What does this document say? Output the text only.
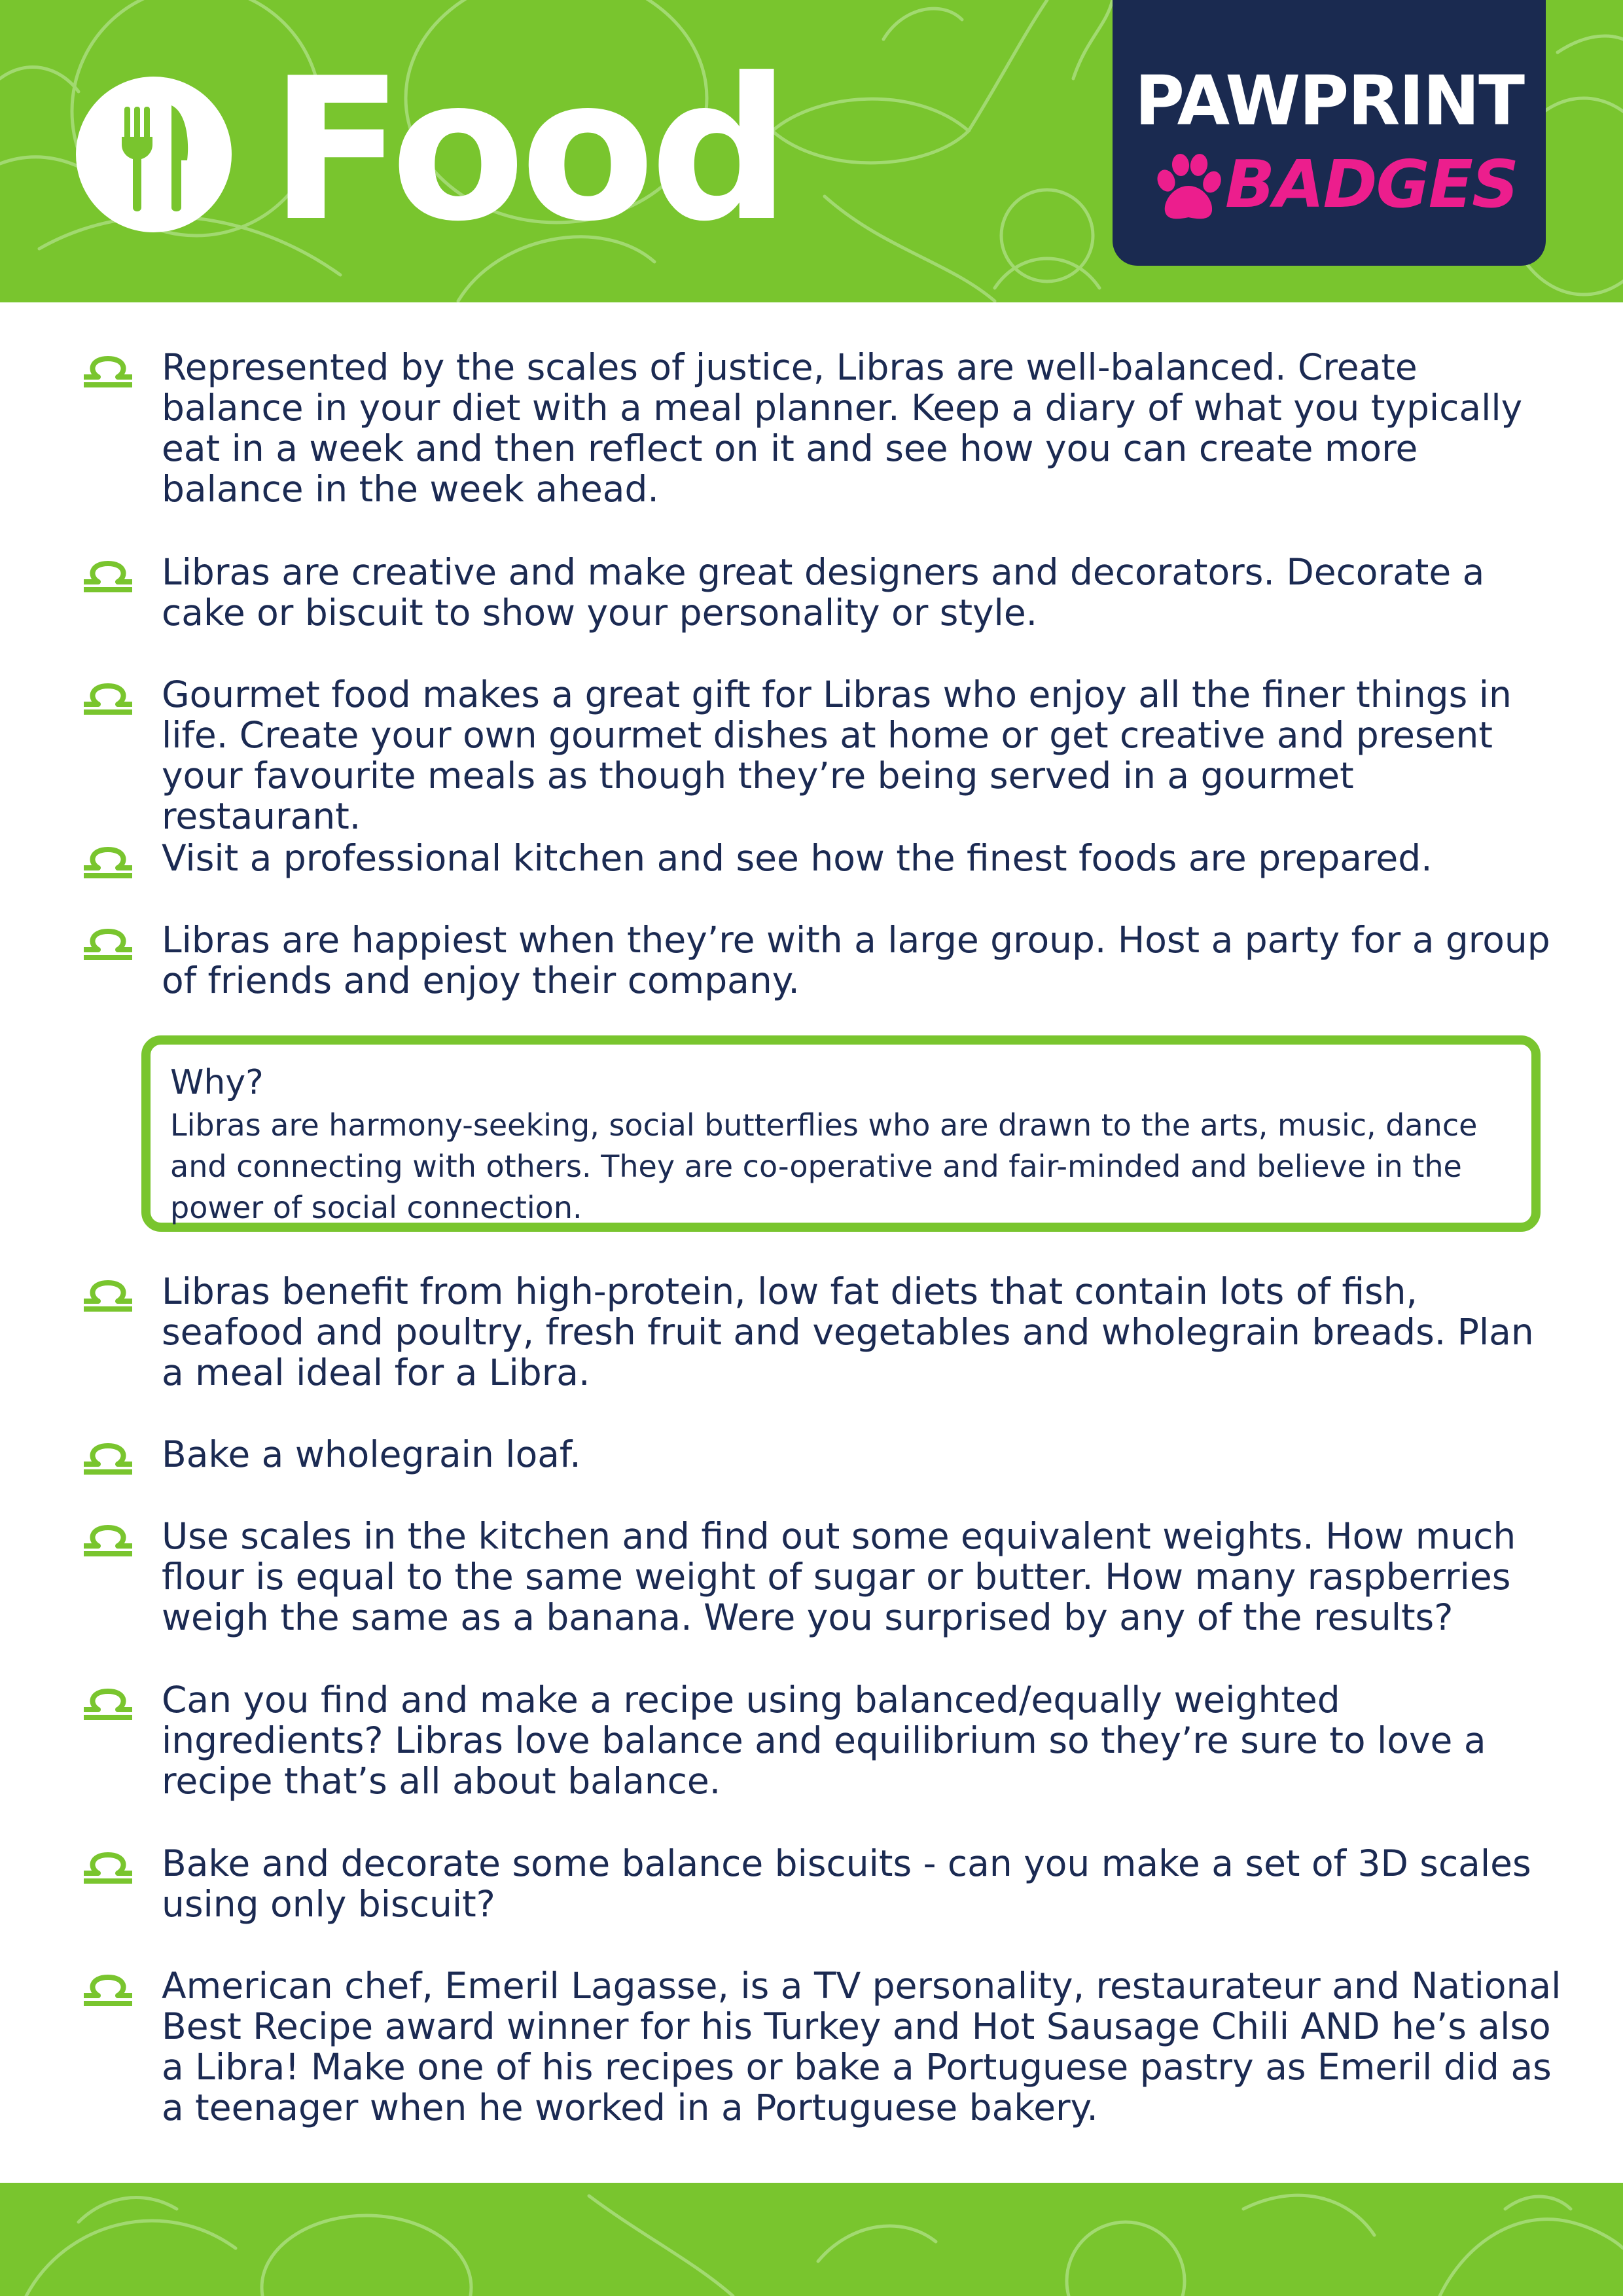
Food	PAWPRINT
BADGES
Represented by the scales of justice, Libras are well-balanced. Create balance in your diet with a meal planner. Keep a diary of what you typically eat in a week and then reflect on it and see how you can create more balance in the week ahead.
Libras are creative and make great designers and decorators. Decorate a cake or biscuit to show your personality or style.
Gourmet food makes a great gift for Libras who enjoy all the finer things in life. Create your own gourmet dishes at home or get creative and present your favourite meals as though they’re being served in a gourmet restaurant.
Visit a professional kitchen and see how the finest foods are prepared.
Libras are happiest when they’re with a large group. Host a party for a group of friends and enjoy their company.
Why?
Libras are harmony-seeking, social butterflies who are drawn to the arts, music, dance and connecting with others. They are co-operative and fair-minded and believe in the power of social connection.
Libras benefit from high-protein, low fat diets that contain lots of fish, seafood and poultry, fresh fruit and vegetables and wholegrain breads. Plan a meal ideal for a Libra.
Bake a wholegrain loaf.
Use scales in the kitchen and find out some equivalent weights. How much flour is equal to the same weight of sugar or butter. How many raspberries weigh the same as a banana. Were you surprised by any of the results?
Can you find and make a recipe using balanced/equally weighted ingredients? Libras love balance and equilibrium so they’re sure to love a recipe that’s all about balance.
Bake and decorate some balance biscuits - can you make a set of 3D scales using only biscuit?
American chef, Emeril Lagasse, is a TV personality, restaurateur and National Best Recipe award winner for his Turkey and Hot Sausage Chili AND he’s also a Libra! Make one of his recipes or bake a Portuguese pastry as Emeril did as a teenager when he worked in a Portuguese bakery.
